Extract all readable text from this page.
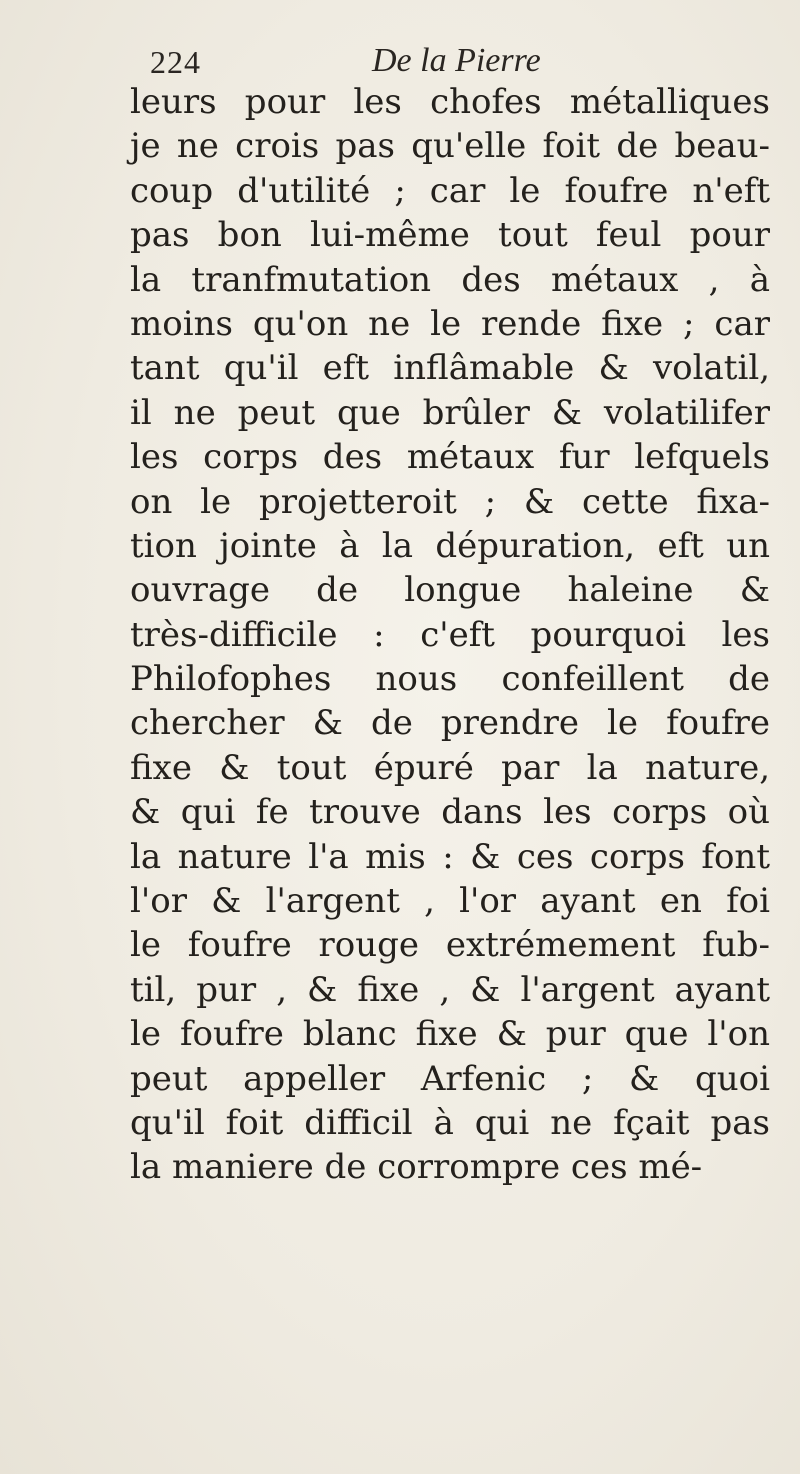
224	De la Pierre
leurs pour les chofes métalliques
je ne crois pas qu'elle foit de beau-
coup d'utilité ; car le foufre n'eft
pas bon lui-même tout feul pour
la tranfmutation des métaux , à
moins qu'on ne le rende fixe ; car
tant qu'il eft inflâmable & volatil,
il ne peut que brûler & volatilifer
les corps des métaux fur lefquels
on le projetteroit ; & cette fixa-
tion jointe à la dépuration, eft un
ouvrage de longue haleine &
très-difficile : c'eft pourquoi les
Philofophes nous confeillent de
chercher & de prendre le foufre
fixe & tout épuré par la nature,
& qui fe trouve dans les corps où
la nature l'a mis : & ces corps font
l'or & l'argent , l'or ayant en foi
le foufre rouge extrémement fub-
til, pur , & fixe , & l'argent ayant
le foufre blanc fixe & pur que l'on
peut appeller Arfenic ; & quoi
qu'il foit difficil à qui ne fçait pas
la maniere de corrompre ces mé-
